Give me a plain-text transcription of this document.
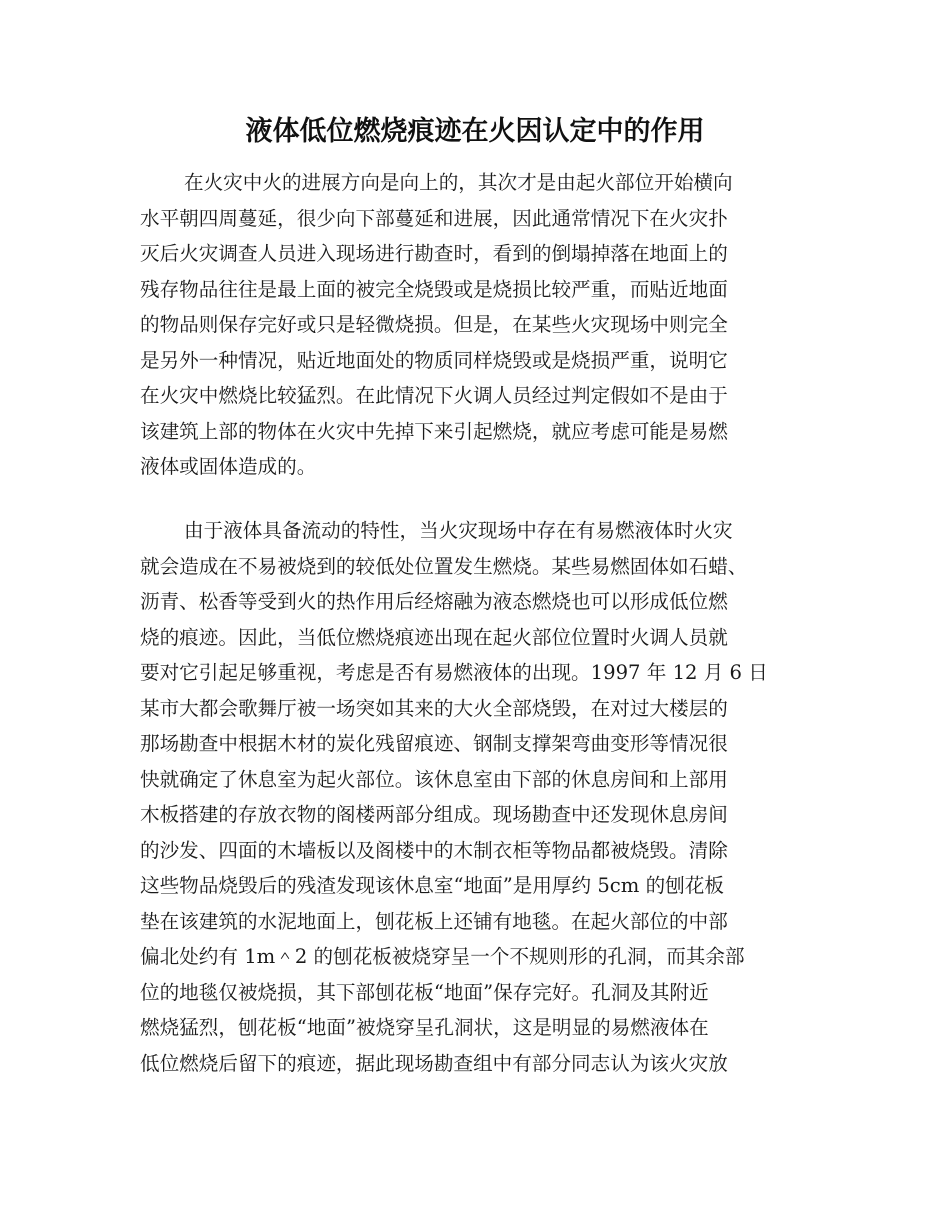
液体低位燃烧痕迹在火因认定中的作用
在火灾中火的进展方向是向上的，其次才是由起火部位开始横向
水平朝四周蔓延，很少向下部蔓延和进展，因此通常情况下在火灾扑
灭后火灾调查人员进入现场进行勘查时，看到的倒塌掉落在地面上的
残存物品往往是最上面的被完全烧毁或是烧损比较严重，而贴近地面
的物品则保存完好或只是轻微烧损。但是，在某些火灾现场中则完全
是另外一种情况，贴近地面处的物质同样烧毁或是烧损严重，说明它
在火灾中燃烧比较猛烈。在此情况下火调人员经过判定假如不是由于
该建筑上部的物体在火灾中先掉下来引起燃烧，就应考虑可能是易燃
液体或固体造成的。
由于液体具备流动的特性，当火灾现场中存在有易燃液体时火灾
就会造成在不易被烧到的较低处位置发生燃烧。某些易燃固体如石蜡、
沥青、松香等受到火的热作用后经熔融为液态燃烧也可以形成低位燃
烧的痕迹。因此，当低位燃烧痕迹出现在起火部位位置时火调人员就
要对它引起足够重视，考虑是否有易燃液体的出现。1997 年 12 月 6 日
某市大都会歌舞厅被一场突如其来的大火全部烧毁，在对过大楼层的
那场勘查中根据木材的炭化残留痕迹、钢制支撑架弯曲变形等情况很
快就确定了休息室为起火部位。该休息室由下部的休息房间和上部用
木板搭建的存放衣物的阁楼两部分组成。现场勘查中还发现休息房间
的沙发、四面的木墙板以及阁楼中的木制衣柜等物品都被烧毁。清除
这些物品烧毁后的残渣发现该休息室“地面”是用厚约 5cm 的刨花板
垫在该建筑的水泥地面上，刨花板上还铺有地毯。在起火部位的中部
偏北处约有 1m＾2 的刨花板被烧穿呈一个不规则形的孔洞，而其余部
位的地毯仅被烧损，其下部刨花板“地面”保存完好。孔洞及其附近
燃烧猛烈，刨花板“地面”被烧穿呈孔洞状，这是明显的易燃液体在
低位燃烧后留下的痕迹，据此现场勘查组中有部分同志认为该火灾放
